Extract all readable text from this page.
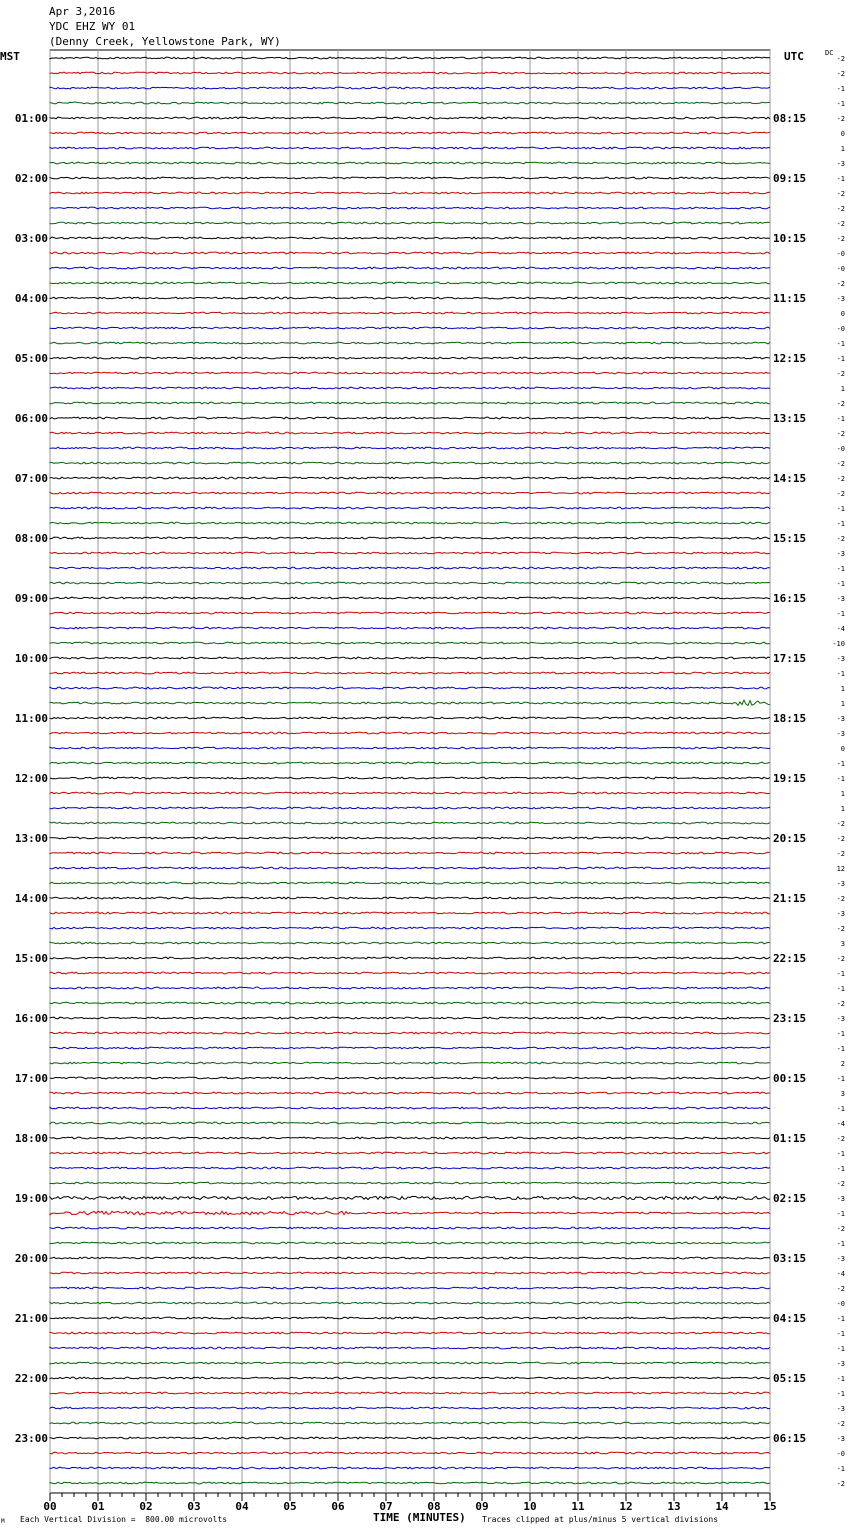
Apr 3,2016
YDC EHZ WY 01
(Denny Creek, Yellowstone Park, WY)
MST	UTC	DC
01:00
02:00
03:00
04:00
05:00
06:00
07:00
08:00
09:00
10:00
11:00
12:00
13:00
14:00
15:00
16:00
17:00
18:00
19:00
20:00
21:00
22:00
23:00
08:15
09:15
10:15
11:15
12:15
13:15
14:15
15:15
16:15
17:15
18:15
19:15
20:15
21:15
22:15
23:15
00:15
01:15
02:15
03:15
04:15
05:15
06:15
-2
-2
-1
-1
-2
0
1
-3
-1
-2
-2
-2
-2
-0
-0
-2
-3
0
-0
-1
-1
-2
1
-2
-1
-2
-0
-2
-2
-2
-1
-1
-2
-3
-1
-1
-3
-1
-4
-10
-3
-1
1
1
-3
-3
0
-1
-1
1
1
-2
-2
-2
12
-3
-2
-3
-2
3
-2
-1
-1
-2
-3
-1
-1
2
-1
3
-1
-4
-2
-1
-1
-2
-3
-1
-2
-1
-3
-4
-2
-0
-1
-1
-1
-3
-1
-1
-3
-2
-3
-0
-1
-2
00	01	02	03	04	05	06	07	08	09	10	11	12	13	14	15
TIME (MINUTES)
M Each Vertical Division =  800.00 microvolts	Traces clipped at plus/minus 5 vertical divisions
